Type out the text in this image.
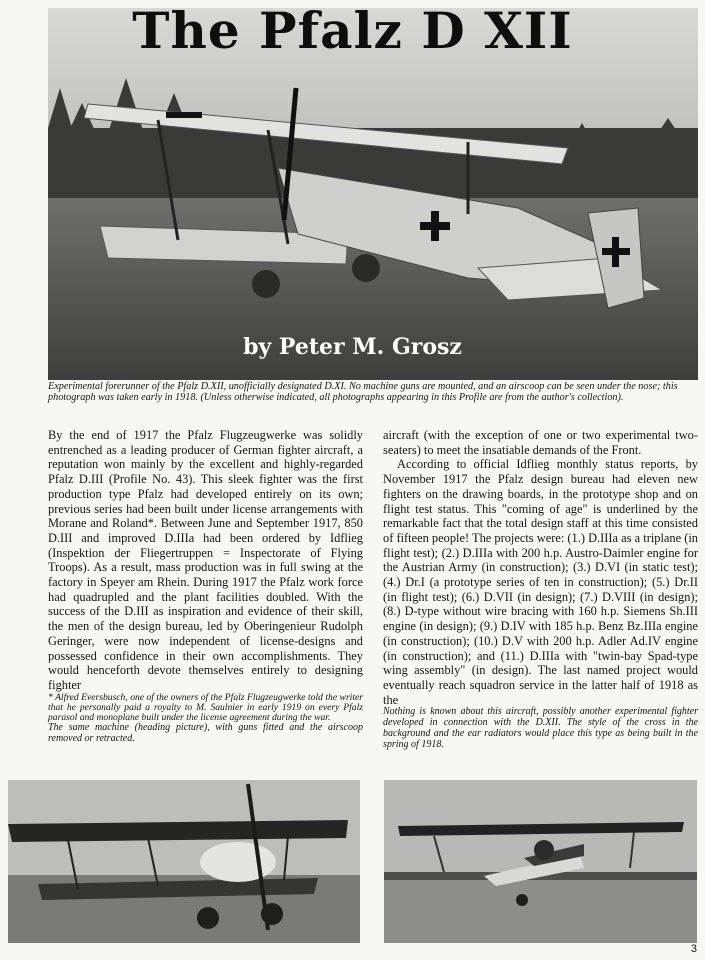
The Pfalz D XII

by Peter M. Grosz

Experimental forerunner of the Pfalz D.XII, unofficially designated D.XI. No machine guns are mounted, and an airscoop can be seen under the nose; this photograph was taken early in 1918. (Unless otherwise indicated, all photographs appearing in this Profile are from the author's collection).

By the end of 1917 the Pfalz Flugzeugwerke was solidly entrenched as a leading producer of German fighter aircraft, a reputation won mainly by the excellent and highly-regarded Pfalz D.III (Profile No. 43). This sleek fighter was the first production type Pfalz had developed entirely on its own; previous series had been built under license arrangements with Morane and Roland*. Between June and September 1917, 850 D.III and improved D.IIIa had been ordered by Idflieg (Inspektion der Fliegertruppen = Inspectorate of Flying Troops). As a result, mass production was in full swing at the factory in Speyer am Rhein. During 1917 the Pfalz work force had quadrupled and the plant facilities doubled. With the success of the D.III as inspiration and evidence of their skill, the men of the design bureau, led by Oberingenieur Rudolph Geringer, were now independent of license-designs and possessed confidence in their own accomplishments. They would henceforth devote themselves entirely to designing fighter

* Alfred Eversbusch, one of the owners of the Pfalz Flugzeugwerke told the writer that he personally paid a royalty to M. Saulnier in early 1919 on every Pfalz parasol and monoplane built under the license agreement during the war.

The same machine (heading picture), with guns fitted and the airscoop removed or retracted.

aircraft (with the exception of one or two experimental two-seaters) to meet the insatiable demands of the Front.

According to official Idflieg monthly status reports, by November 1917 the Pfalz design bureau had eleven new fighters on the drawing boards, in the prototype shop and on flight test status. This "coming of age" is underlined by the remarkable fact that the total design staff at this time consisted of fifteen people! The projects were: (1.) D.IIIa as a triplane (in flight test); (2.) D.IIIa with 200 h.p. Austro-Daimler engine for the Austrian Army (in construction); (3.) D.VI (in static test); (4.) Dr.I (a prototype series of ten in construction); (5.) Dr.II (in flight test); (6.) D.VII (in design); (7.) D.VIII (in design); (8.) D-type without wire bracing with 160 h.p. Siemens Sh.III engine (in design); (9.) D.IV with 185 h.p. Benz Bz.IIIa engine (in construction); (10.) D.V with 200 h.p. Adler Ad.IV engine (in construction); and (11.) D.IIIa with "twin-bay Spad-type wing assembly" (in design). The last named project would eventually reach squadron service in the latter half of 1918 as the

Nothing is known about this aircraft, possibly another experimental fighter developed in connection with the D.XII. The style of the cross in the background and the ear radiators would place this type as being built in the spring of 1918.

3
